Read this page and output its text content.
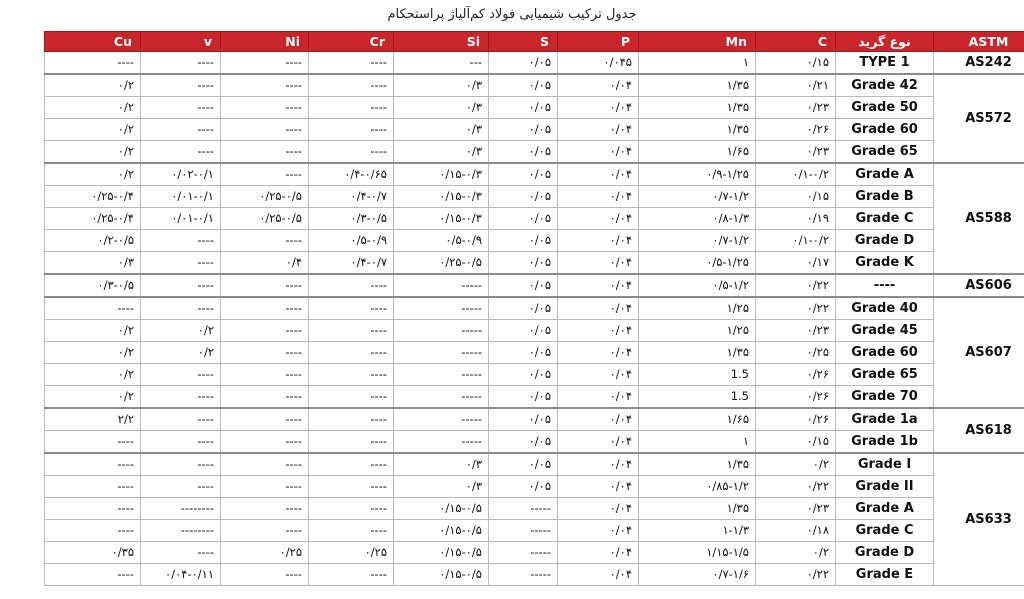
جدول ترکیب شیمیایی فولاد کم‌آلیاژ پراستحکام
ASTM	نوع گرید	C	Mn	P	S	Si	Cr	Ni	v	Cu
AS242	TYPE 1	۰/۱۵	۱	۰/۰۴۵	۰/۰۵	---	----	----	----	----
AS572	Grade 42	۰/۲۱	۱/۳۵	۰/۰۴	۰/۰۵	۰/۳	----	----	----	۰/۲
	Grade 50	۰/۲۳	۱/۳۵	۰/۰۴	۰/۰۵	۰/۳	----	----	----	۰/۲
	Grade 60	۰/۲۶	۱/۳۵	۰/۰۴	۰/۰۵	۰/۳	----	----	----	۰/۲
	Grade 65	۰/۲۳	۱/۶۵	۰/۰۴	۰/۰۵	۰/۳	----	----	----	۰/۲
AS588	Grade A	۰/۱-۰/۲	۰/۹-۱/۲۵	۰/۰۴	۰/۰۵	۰/۱۵-۰/۳	۰/۴-۰/۶۵	----	۰/۰۲-۰/۱	۰/۲
	Grade B	۰/۱۵	۰/۷-۱/۲	۰/۰۴	۰/۰۵	۰/۱۵-۰/۳	۰/۴-۰/۷	۰/۲۵-۰/۵	۰/۰۱-۰/۱	۰/۲۵-۰/۴
	Grade C	۰/۱۹	۰/۸-۱/۳	۰/۰۴	۰/۰۵	۰/۱۵-۰/۳	۰/۳-۰/۵	۰/۲۵-۰/۵	۰/۰۱-۰/۱	۰/۲۵-۰/۴
	Grade D	۰/۱-۰/۲	۰/۷-۱/۲	۰/۰۴	۰/۰۵	۰/۵-۰/۹	۰/۵-۰/۹	----	----	۰/۲-۰/۵
	Grade K	۰/۱۷	۰/۵-۱/۲۵	۰/۰۴	۰/۰۵	۰/۲۵-۰/۵	۰/۴-۰/۷	۰/۴	----	۰/۳
AS606	----	۰/۲۲	۰/۵-۱/۲	۰/۰۴	۰/۰۵	-----	----	----	----	۰/۳-۰/۵
AS607	Grade 40	۰/۲۲	۱/۲۵	۰/۰۴	۰/۰۵	-----	----	----	----	----
	Grade 45	۰/۲۳	۱/۲۵	۰/۰۴	۰/۰۵	-----	----	----	۰/۲	۰/۲
	Grade 60	۰/۲۵	۱/۳۵	۰/۰۴	۰/۰۵	-----	----	----	۰/۲	۰/۲
	Grade 65	۰/۲۶	1.5	۰/۰۴	۰/۰۵	-----	----	----	----	۰/۲
	Grade 70	۰/۲۶	1.5	۰/۰۴	۰/۰۵	-----	----	----	----	۰/۲
AS618	Grade 1a	۰/۲۶	۱/۶۵	۰/۰۴	۰/۰۵	-----	----	----	----	۲/۲
	Grade 1b	۰/۱۵	۱	۰/۰۴	۰/۰۵	-----	----	----	----	----
AS633	Grade I	۰/۲	۱/۳۵	۰/۰۴	۰/۰۵	۰/۳	----	----	----	----
	Grade II	۰/۲۲	۰/۸۵-۱/۲	۰/۰۴	۰/۰۵	۰/۳	----	----	----	----
	Grade A	۰/۲۳	۱/۳۵	۰/۰۴	-----	۰/۱۵-۰/۵	----	----	--------	----
	Grade C	۰/۱۸	۱-۱/۳	۰/۰۴	-----	۰/۱۵-۰/۵	----	----	--------	----
	Grade D	۰/۲	۱/۱۵-۱/۵	۰/۰۴	-----	۰/۱۵-۰/۵	۰/۲۵	۰/۲۵	----	۰/۳۵
	Grade E	۰/۲۲	۰/۷-۱/۶	۰/۰۴	-----	۰/۱۵-۰/۵	----	----	۰/۰۴-۰/۱۱	----
